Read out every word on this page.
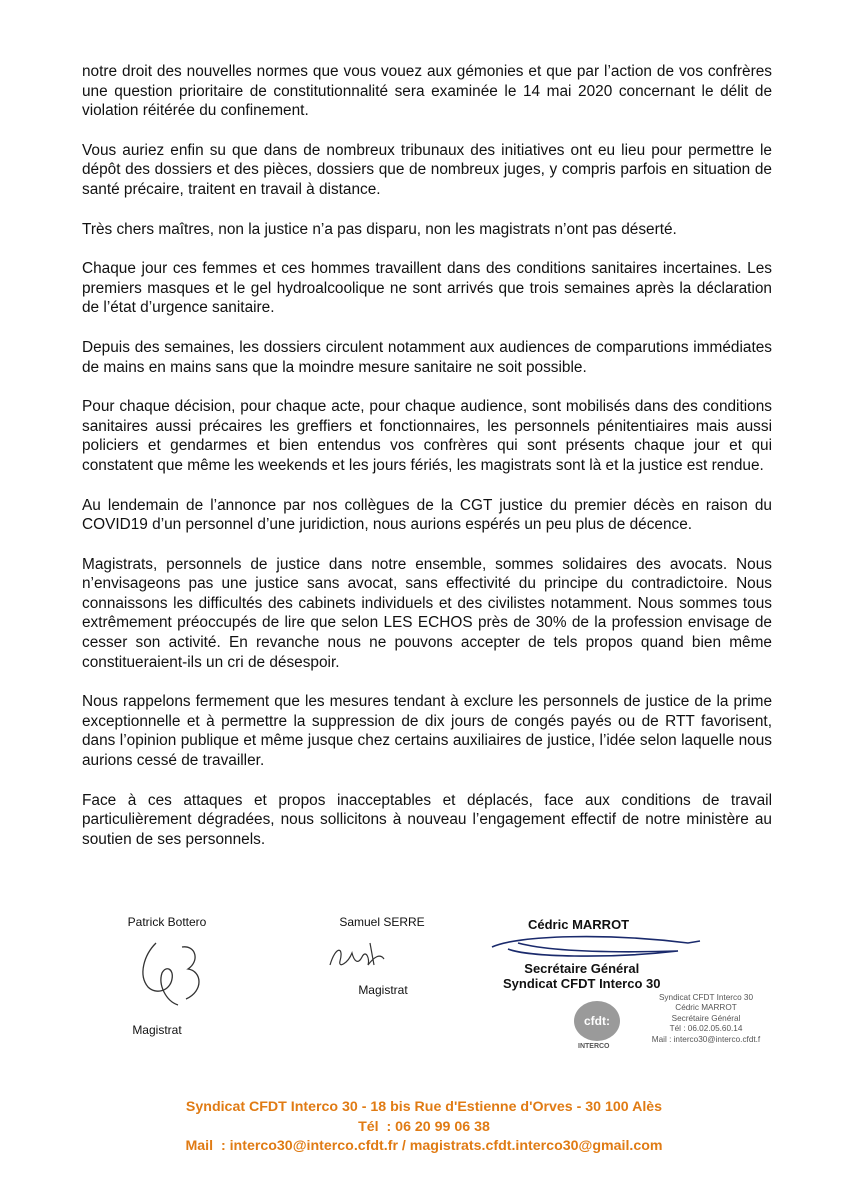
notre droit des nouvelles normes que vous vouez aux gémonies et que par l’action de vos confrères une question prioritaire de constitutionnalité sera examinée le 14 mai 2020 concernant le délit de violation réitérée du confinement.

Vous auriez enfin su que dans de nombreux tribunaux des initiatives ont eu lieu pour permettre le dépôt des dossiers et des pièces, dossiers que de nombreux juges, y compris parfois en situation de santé précaire, traitent en travail à distance.

Très chers maîtres, non la justice n’a pas disparu, non les magistrats n’ont pas déserté.

Chaque jour ces femmes et ces hommes travaillent dans des conditions sanitaires incertaines. Les premiers masques et le gel hydroalcoolique ne sont arrivés que trois semaines après la déclaration de l’état d’urgence sanitaire.

Depuis des semaines, les dossiers circulent notamment aux audiences de comparutions immédiates de mains en mains sans que la moindre mesure sanitaire ne soit possible.

Pour chaque décision, pour chaque acte, pour chaque audience, sont mobilisés dans des conditions sanitaires aussi précaires les greffiers et fonctionnaires, les personnels pénitentiaires mais aussi policiers et gendarmes et bien entendus vos confrères qui sont présents chaque jour et qui constatent que même les weekends et les jours fériés, les magistrats sont là et la justice est rendue.

Au lendemain de l’annonce par nos collègues de la CGT justice du premier décès en raison du COVID19 d’un personnel d’une juridiction, nous aurions espérés un peu plus de décence.

Magistrats, personnels de justice dans notre ensemble, sommes solidaires des avocats. Nous n’envisageons pas une justice sans avocat, sans effectivité du principe du contradictoire. Nous connaissons les difficultés des cabinets individuels et des civilistes notamment. Nous sommes tous extrêmement préoccupés de lire que selon LES ECHOS près de 30% de la profession envisage de cesser son activité. En revanche nous ne pouvons accepter de tels propos quand bien même constitueraient-ils un cri de désespoir.

Nous rappelons fermement que les mesures tendant à exclure les personnels de justice de la prime exceptionnelle et à permettre la suppression de dix jours de congés payés ou de RTT favorisent, dans l’opinion publique et même jusque chez certains auxiliaires de justice, l’idée selon laquelle nous aurions cessé de travailler.

Face à ces attaques et propos inacceptables et déplacés, face aux conditions de travail particulièrement dégradées, nous sollicitons à nouveau l’engagement effectif de notre ministère au soutien de ses personnels.

Patrick Bottero
Magistrat
Samuel SERRE
Magistrat
Cédric MARROT
Secrétaire Général
Syndicat CFDT Interco 30
cfdt:
INTERCO
Syndicat CFDT Interco 30
Cédric MARROT
Secrétaire Général
Tél : 06.02.05.60.14
Mail : interco30@interco.cfdt.f
Syndicat CFDT Interco 30 - 18 bis Rue d'Estienne d'Orves - 30 100 Alès
Tél  : 06 20 99 06 38
Mail  : interco30@interco.cfdt.fr / magistrats.cfdt.interco30@gmail.com
